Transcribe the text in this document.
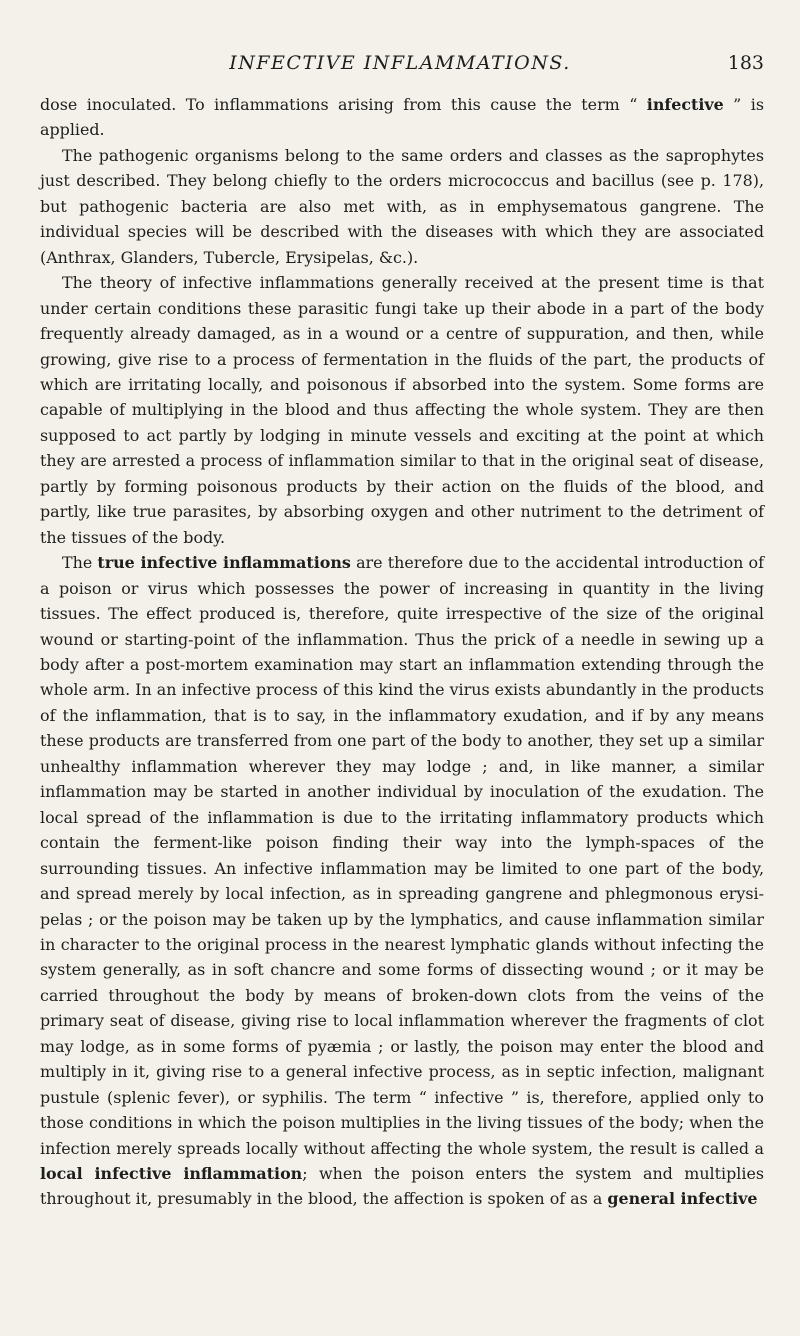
INFECTIVE INFLAMMATIONS.	183

dose inoculated. To inflammations arising from this cause the term “ infective ” is applied.

The pathogenic organisms belong to the same orders and classes as the saprophytes just described. They belong chiefly to the orders micrococcus and bacillus (see p. 178), but pathogenic bacteria are also met with, as in emphysematous gangrene. The individual species will be described with the diseases with which they are associated (Anthrax, Glanders, Tubercle, Erysipelas, &c.).

The theory of infective inflammations generally received at the present time is that under certain conditions these parasitic fungi take up their abode in a part of the body frequently already damaged, as in a wound or a centre of suppuration, and then, while growing, give rise to a process of fermentation in the fluids of the part, the products of which are irritating locally, and poisonous if absorbed into the system. Some forms are capable of multiplying in the blood and thus affecting the whole system. They are then supposed to act partly by lodging in minute vessels and exciting at the point at which they are arrested a process of inflammation similar to that in the original seat of disease, partly by forming poisonous products by their action on the fluids of the blood, and partly, like true parasites, by absorbing oxygen and other nutriment to the detriment of the tissues of the body.

The true infective inflammations are therefore due to the accidental introduction of a poison or virus which possesses the power of increasing in quantity in the living tissues. The effect produced is, therefore, quite irrespective of the size of the original wound or starting-point of the inflammation. Thus the prick of a needle in sewing up a body after a post-mortem examination may start an inflammation extending through the whole arm. In an infective process of this kind the virus exists abundantly in the products of the inflammation, that is to say, in the inflammatory exudation, and if by any means these products are transferred from one part of the body to another, they set up a similar unhealthy inflammation wherever they may lodge ; and, in like manner, a similar inflammation may be started in another individual by inoculation of the exudation. The local spread of the inflammation is due to the irritating inflammatory products which contain the ferment-like poison finding their way into the lymph-spaces of the surrounding tissues. An infective inflammation may be limited to one part of the body, and spread merely by local infection, as in spreading gangrene and phlegmonous erysipelas ; or the poison may be taken up by the lymphatics, and cause inflammation similar in character to the original process in the nearest lymphatic glands without infecting the system generally, as in soft chancre and some forms of dissecting wound ; or it may be carried throughout the body by means of broken-down clots from the veins of the primary seat of disease, giving rise to local inflammation wherever the fragments of clot may lodge, as in some forms of pyæmia ; or lastly, the poison may enter the blood and multiply in it, giving rise to a general infective process, as in septic infection, malignant pustule (splenic fever), or syphilis. The term “ infective ” is, therefore, applied only to those conditions in which the poison multiplies in the living tissues of the body; when the infection merely spreads locally without affecting the whole system, the result is called a local infective inflammation; when the poison enters the system and multiplies throughout it, presumably in the blood, the affection is spoken of as a general infective
